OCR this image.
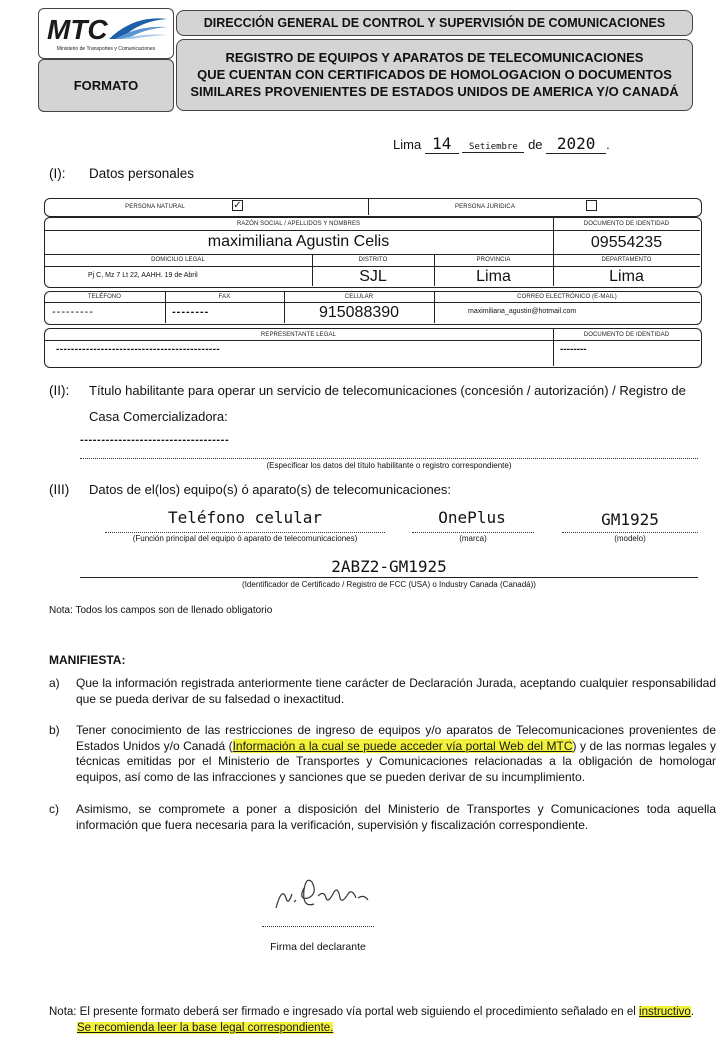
MTC
Ministerio de Transportes y Comunicaciones
FORMATO
DIRECCIÓN GENERAL DE CONTROL Y SUPERVISIÓN DE COMUNICACIONES
REGISTRO DE EQUIPOS Y APARATOS DE TELECOMUNICACIONES
QUE CUENTAN CON CERTIFICADOS DE HOMOLOGACION O DOCUMENTOS
SIMILARES PROVENIENTES DE ESTADOS UNIDOS DE AMERICA Y/O CANADÁ
Lima 14 Setiembre de 2020 .
(I): Datos personales
PERSONA NATURAL	✓	PERSONA JURIDICA
RAZÓN SOCIAL / APELLIDOS Y NOMBRES
maximiliana Agustin Celis
DOCUMENTO DE IDENTIDAD
09554235
DOMICILIO LEGAL
Pj C, Mz 7 Lt 22, AAHH. 19 de Abril
DISTRITO
SJL
PROVINCIA
Lima
DEPARTAMENTO
Lima
TELÉFONO
---------
FAX
--------
CELULAR
915088390
CORREO ELECTRÓNICO (E-MAIL)
maximiliana_agustin@hotmail.com
REPRESENTANTE LEGAL
--------------------------------------------
DOCUMENTO DE IDENTIDAD
--------
(II): Título habilitante para operar un servicio de telecomunicaciones (concesión / autorización) / Registro de
Casa Comercializadora:
-----------------------------------
(Especificar los datos del título habilitante o registro correspondiente)
(III) Datos de el(los) equipo(s) ó aparato(s) de telecomunicaciones:
Teléfono celular
(Función principal del equipo ó aparato de telecomunicaciones)
OnePlus
(marca)
GM1925
(modelo)
2ABZ2-GM1925
(Identificador de Certificado / Registro de FCC (USA) o Industry Canada (Canadá))
Nota: Todos los campos son de llenado obligatorio
MANIFIESTA:
a) Que la información registrada anteriormente tiene carácter de Declaración Jurada, aceptando cualquier responsabilidad que se pueda derivar de su falsedad o inexactitud.
b) Tener conocimiento de las restricciones de ingreso de equipos y/o aparatos de Telecomunicaciones provenientes de Estados Unidos y/o Canadá (Información a la cual se puede acceder vía portal Web del MTC) y de las normas legales y técnicas emitidas por el Ministerio de Transportes y Comunicaciones relacionadas a la obligación de homologar equipos, así como de las infracciones y sanciones que se pueden derivar de su incumplimiento.
c) Asimismo, se compromete a poner a disposición del Ministerio de Transportes y Comunicaciones toda aquella información que fuera necesaria para la verificación, supervisión y fiscalización correspondiente.
Firma del declarante
Nota: El presente formato deberá ser firmado e ingresado vía portal web siguiendo el procedimiento señalado en el instructivo.
Se recomienda leer la base legal correspondiente.
